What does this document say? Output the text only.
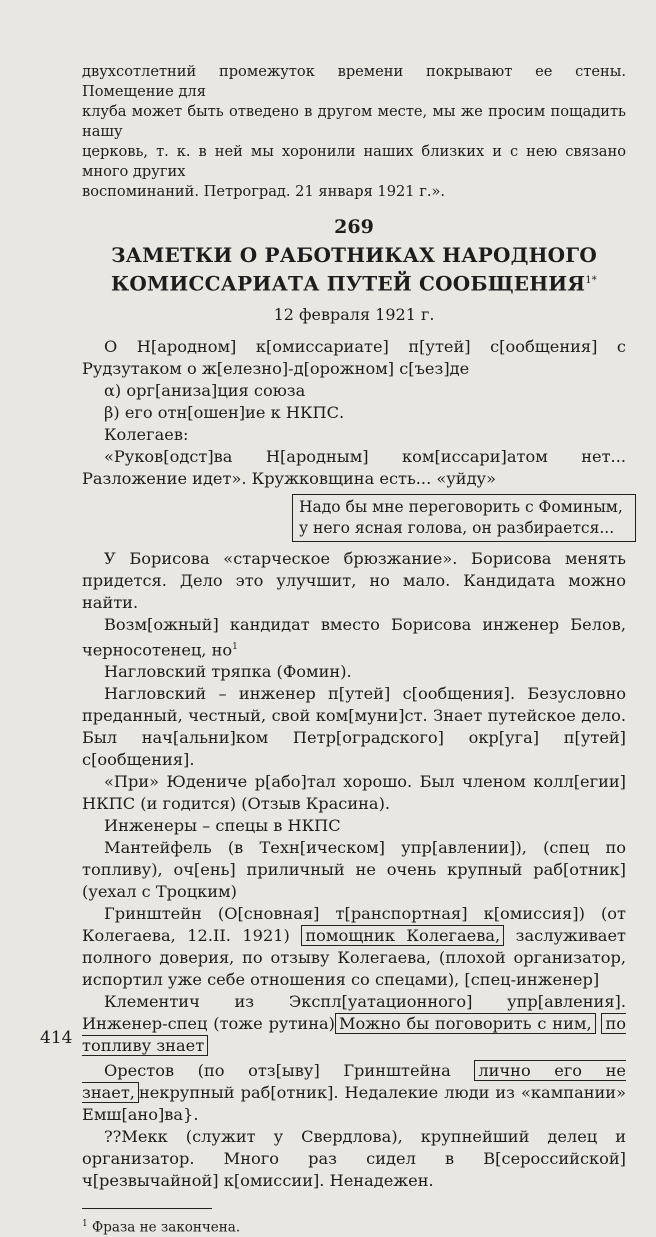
двухсотлетний промежуток времени покрывают ее стены. Помещение для

клуба может быть отведено в другом месте, мы же просим пощадить нашу

церковь, т. к. в ней мы хоронили наших близких и с нею связано много других

воспоминаний. Петроград. 21 января 1921 г.».

269
ЗАМЕТКИ О РАБОТНИКАХ НАРОДНОГО
КОМИССАРИАТА ПУТЕЙ $СООБЩЕНИЯ^{1*}$
12 февраля 1921 г.

О Н[ародном] к[омиссариате] п[утей] с[ообщения] с Рудзутаком о ж[елезно]-д[орожном] с[ъез]де

α) орг[аниза]ция союза

β) его отн[ошен]ие к НКПС.

Колегаев:

«Руков[одст]ва Н[ародным] ком[иссари]атом нет... Разложение идет». Кружковщина есть... «уйду»

Надо бы мне переговорить с Фоминым, у него ясная голова, он разбирается...

У Борисова «старческое брюзжание». Борисова менять придется. Дело это улучшит, но мало. Кандидата можно найти.

Возм[ожный] кандидат вместо Борисова инженер Белов, черносотенец, $но^1$

Нагловский тряпка (Фомин).

Нагловский – инженер п[утей] с[ообщения]. Безусловно преданный, честный, свой ком[муни]ст. Знает путейское дело. Был нач[альни]ком Петр[оградского] окр[уга] п[утей] с[ообщения].

«При» Юдениче р[або]тал хорошо. Был членом колл[егии] НКПС (и годится) (Отзыв Красина).

Инженеры – спецы в НКПС

Мантейфель (в Техн[ическом] упр[авлении]), (спец по топливу), оч[ень] приличный не очень крупный раб[отник] (уехал с Троцким)

Гринштейн (О[сновная] т[ранспортная] к[омиссия]) (от Колегаева, 12.II. 1921) помощник Колегаева, заслуживает полного доверия, по отзыву Колегаева, (плохой организатор, испортил уже себе отношения со спецами), [спец-инженер]

Клементич из Экспл[уатационного] упр[авления]. Инженер-спец (тоже рутина) Можно бы поговорить с ним, по топливу знает

Орестов (по отз[ыву] Гринштейна лично его не знает, некрупный раб[отник]. Недалекие люди из «кампании» Емш[ано]ва}.

??Мекк (служит у Свердлова), крупнейший делец и организатор. Много раз сидел в В[сероссийской] ч[резвычайной] к[омиссии]. Ненадежен.

$^1$ Фраза не закончена.

414
